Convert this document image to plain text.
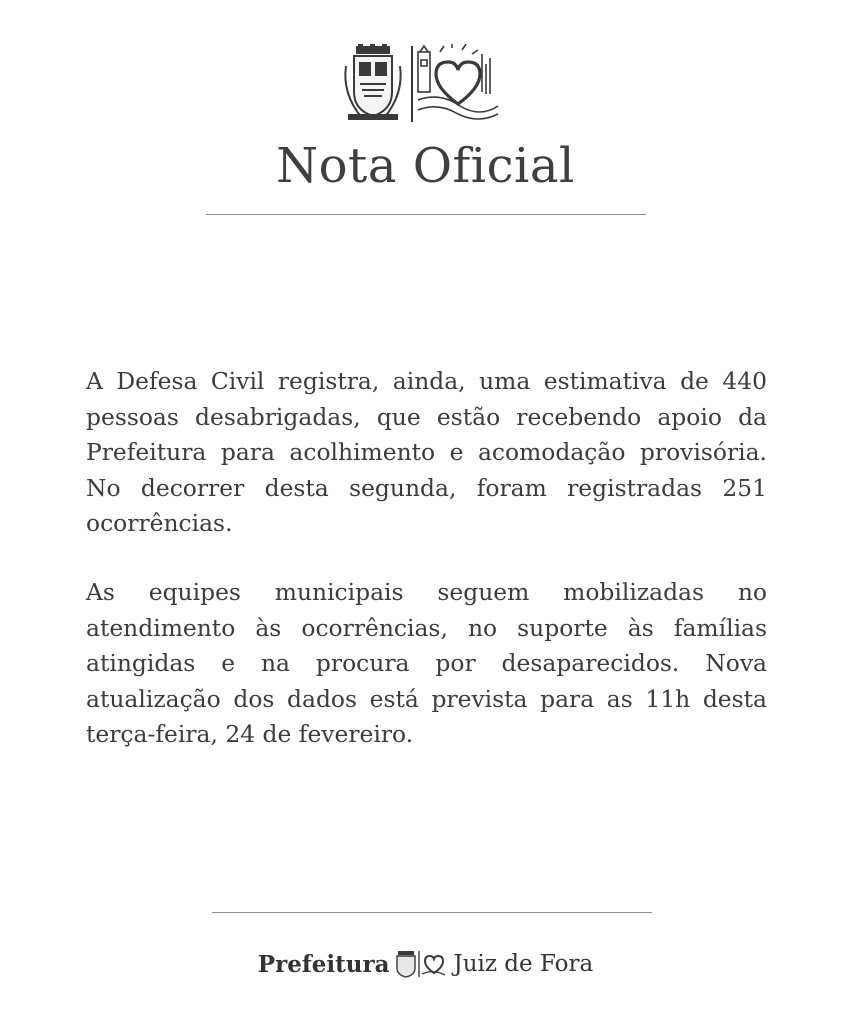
Nota Oficial

A Defesa Civil registra, ainda, uma estimativa de 440 pessoas desabrigadas, que estão recebendo apoio da Prefeitura para acolhimento e acomodação provisória. No decorrer desta segunda, foram registradas 251 ocorrências.

As equipes municipais seguem mobilizadas no atendimento às ocorrências, no suporte às famílias atingidas e na procura por desaparecidos. Nova atualização dos dados está prevista para as 11h desta terça-feira, 24 de fevereiro.

Prefeitura	Juiz de Fora
